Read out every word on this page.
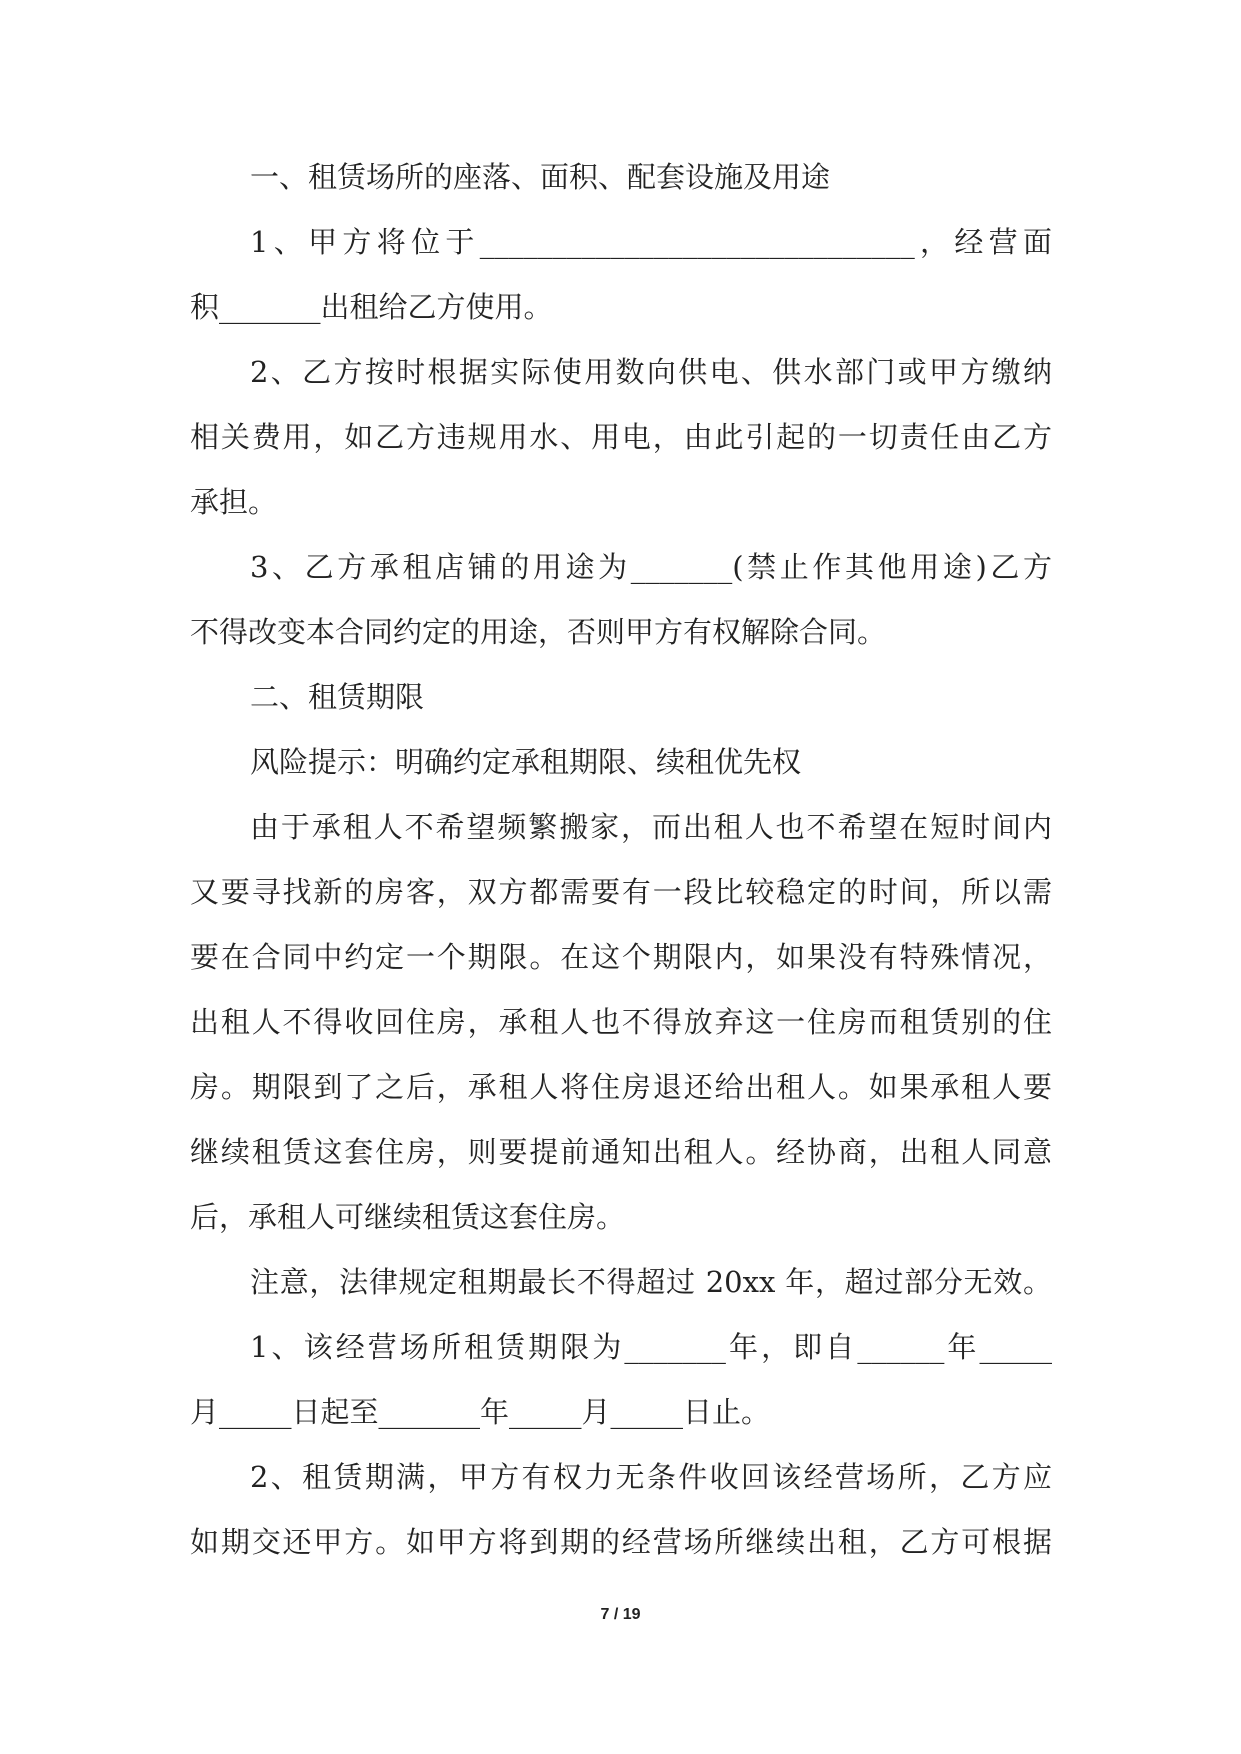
一、租赁场所的座落、面积、配套设施及用途
1、甲方将位于______________________________，经营面
积_______出租给乙方使用。
2、乙方按时根据实际使用数向供电、供水部门或甲方缴纳
相关费用，如乙方违规用水、用电，由此引起的一切责任由乙方
承担。
3、乙方承租店铺的用途为_______(禁止作其他用途)乙方
不得改变本合同约定的用途，否则甲方有权解除合同。
二、租赁期限
风险提示：明确约定承租期限、续租优先权
由于承租人不希望频繁搬家，而出租人也不希望在短时间内
又要寻找新的房客，双方都需要有一段比较稳定的时间，所以需
要在合同中约定一个期限。在这个期限内，如果没有特殊情况，
出租人不得收回住房，承租人也不得放弃这一住房而租赁别的住
房。期限到了之后，承租人将住房退还给出租人。如果承租人要
继续租赁这套住房，则要提前通知出租人。经协商，出租人同意
后，承租人可继续租赁这套住房。
注意，法律规定租期最长不得超过 20xx 年，超过部分无效。
1、该经营场所租赁期限为_______年，即自______年_____
月_____日起至_______年_____月_____日止。
2、租赁期满，甲方有权力无条件收回该经营场所，乙方应
如期交还甲方。如甲方将到期的经营场所继续出租，乙方可根据
7 / 19
